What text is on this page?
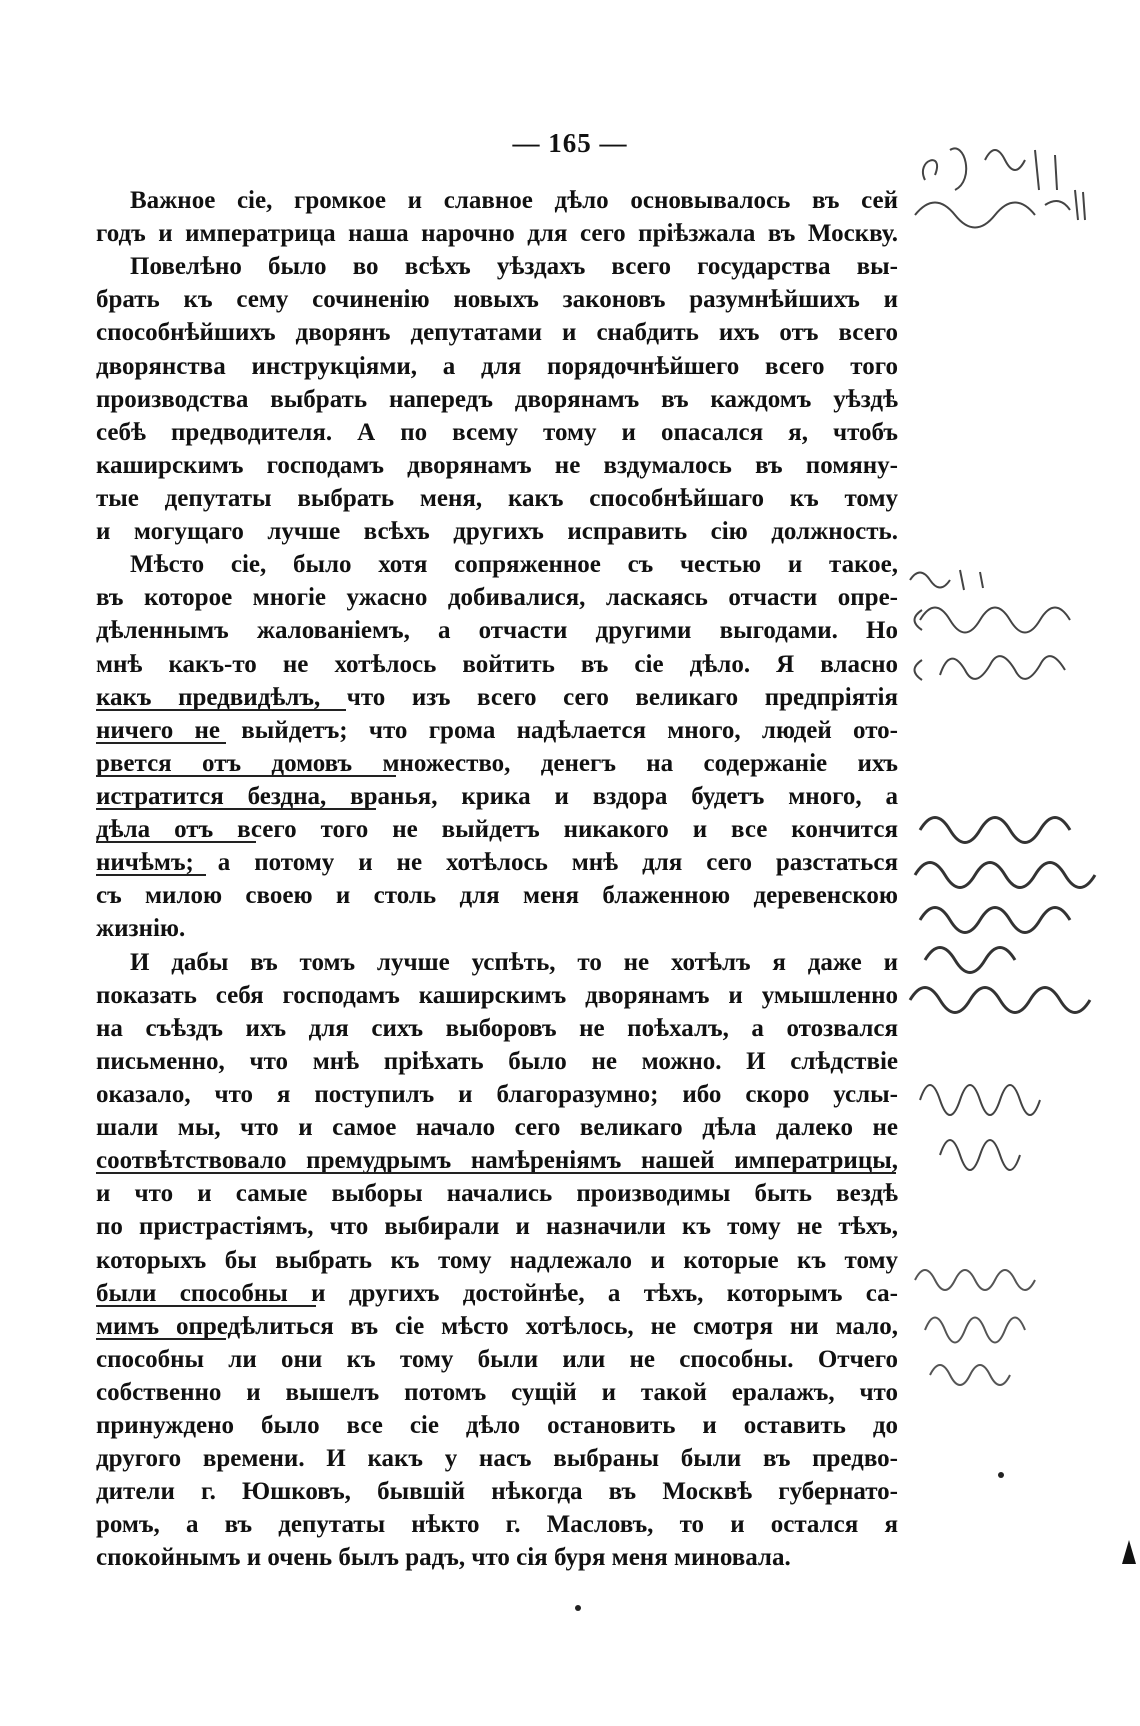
— 165 —
Важное сіе, громкое и славное дѣло основывалось въ сей
годъ и императрица наша нарочно для сего пріѣзжала въ Москву.
Повелѣно было во всѣхъ уѣздахъ всего государства вы-
брать къ сему сочиненію новыхъ законовъ разумнѣйшихъ и
способнѣйшихъ дворянъ депутатами и снабдить ихъ отъ всего
дворянства инструкціями, а для порядочнѣйшего всего того
производства выбрать напередъ дворянамъ въ каждомъ уѣздѣ
себѣ предводителя. А по всему тому и опасался я, чтобъ
каширскимъ господамъ дворянамъ не вздумалось въ помяну-
тые депутаты выбрать меня, какъ способнѣйшаго къ тому
и могущаго лучше всѣхъ другихъ исправить сію должность.
Мѣсто сіе, было хотя сопряженное съ честью и такое,
въ которое многіе ужасно добивалися, ласкаясь отчасти опре-
дѣленнымъ жалованіемъ, а отчасти другими выгодами. Но
мнѣ какъ-то не хотѣлось войтить въ сіе дѣло. Я власно
какъ предвидѣлъ, что изъ всего сего великаго предпріятія
ничего не выйдетъ; что грома надѣлается много, людей ото-
рвется отъ домовъ множество, денегъ на содержаніе ихъ
истратится бездна, вранья, крика и вздора будетъ много, а
дѣла отъ всего того не выйдетъ никакого и все кончится
ничѣмъ; а потому и не хотѣлось мнѣ для сего разстаться
съ милою своею и столь для меня блаженною деревенскою
жизнію.
И дабы въ томъ лучше успѣть, то не хотѣлъ я даже и
показать себя господамъ каширскимъ дворянамъ и умышленно
на съѣздъ ихъ для сихъ выборовъ не поѣхалъ, а отозвался
письменно, что мнѣ пріѣхать было не можно. И слѣдствіе
оказало, что я поступилъ и благоразумно; ибо скоро услы-
шали мы, что и самое начало сего великаго дѣла далеко не
соотвѣтствовало премудрымъ намѣреніямъ нашей императрицы,
и что и самые выборы начались производимы быть вездѣ
по пристрастіямъ, что выбирали и назначили къ тому не тѣхъ,
которыхъ бы выбрать къ тому надлежало и которые къ тому
были способны и другихъ достойнѣе, а тѣхъ, которымъ са-
мимъ опредѣлиться въ сіе мѣсто хотѣлось, не смотря ни мало,
способны ли они къ тому были или не способны. Отчего
собственно и вышелъ потомъ сущій и такой ералажъ, что
принуждено было все сіе дѣло остановить и оставить до
другого времени. И какъ у насъ выбраны были въ предво-
дители г. Юшковъ, бывшій нѣкогда въ Москвѣ губернато-
ромъ, а въ депутаты нѣкто г. Масловъ, то и остался я
спокойнымъ и очень былъ радъ, что сія буря меня миновала.
